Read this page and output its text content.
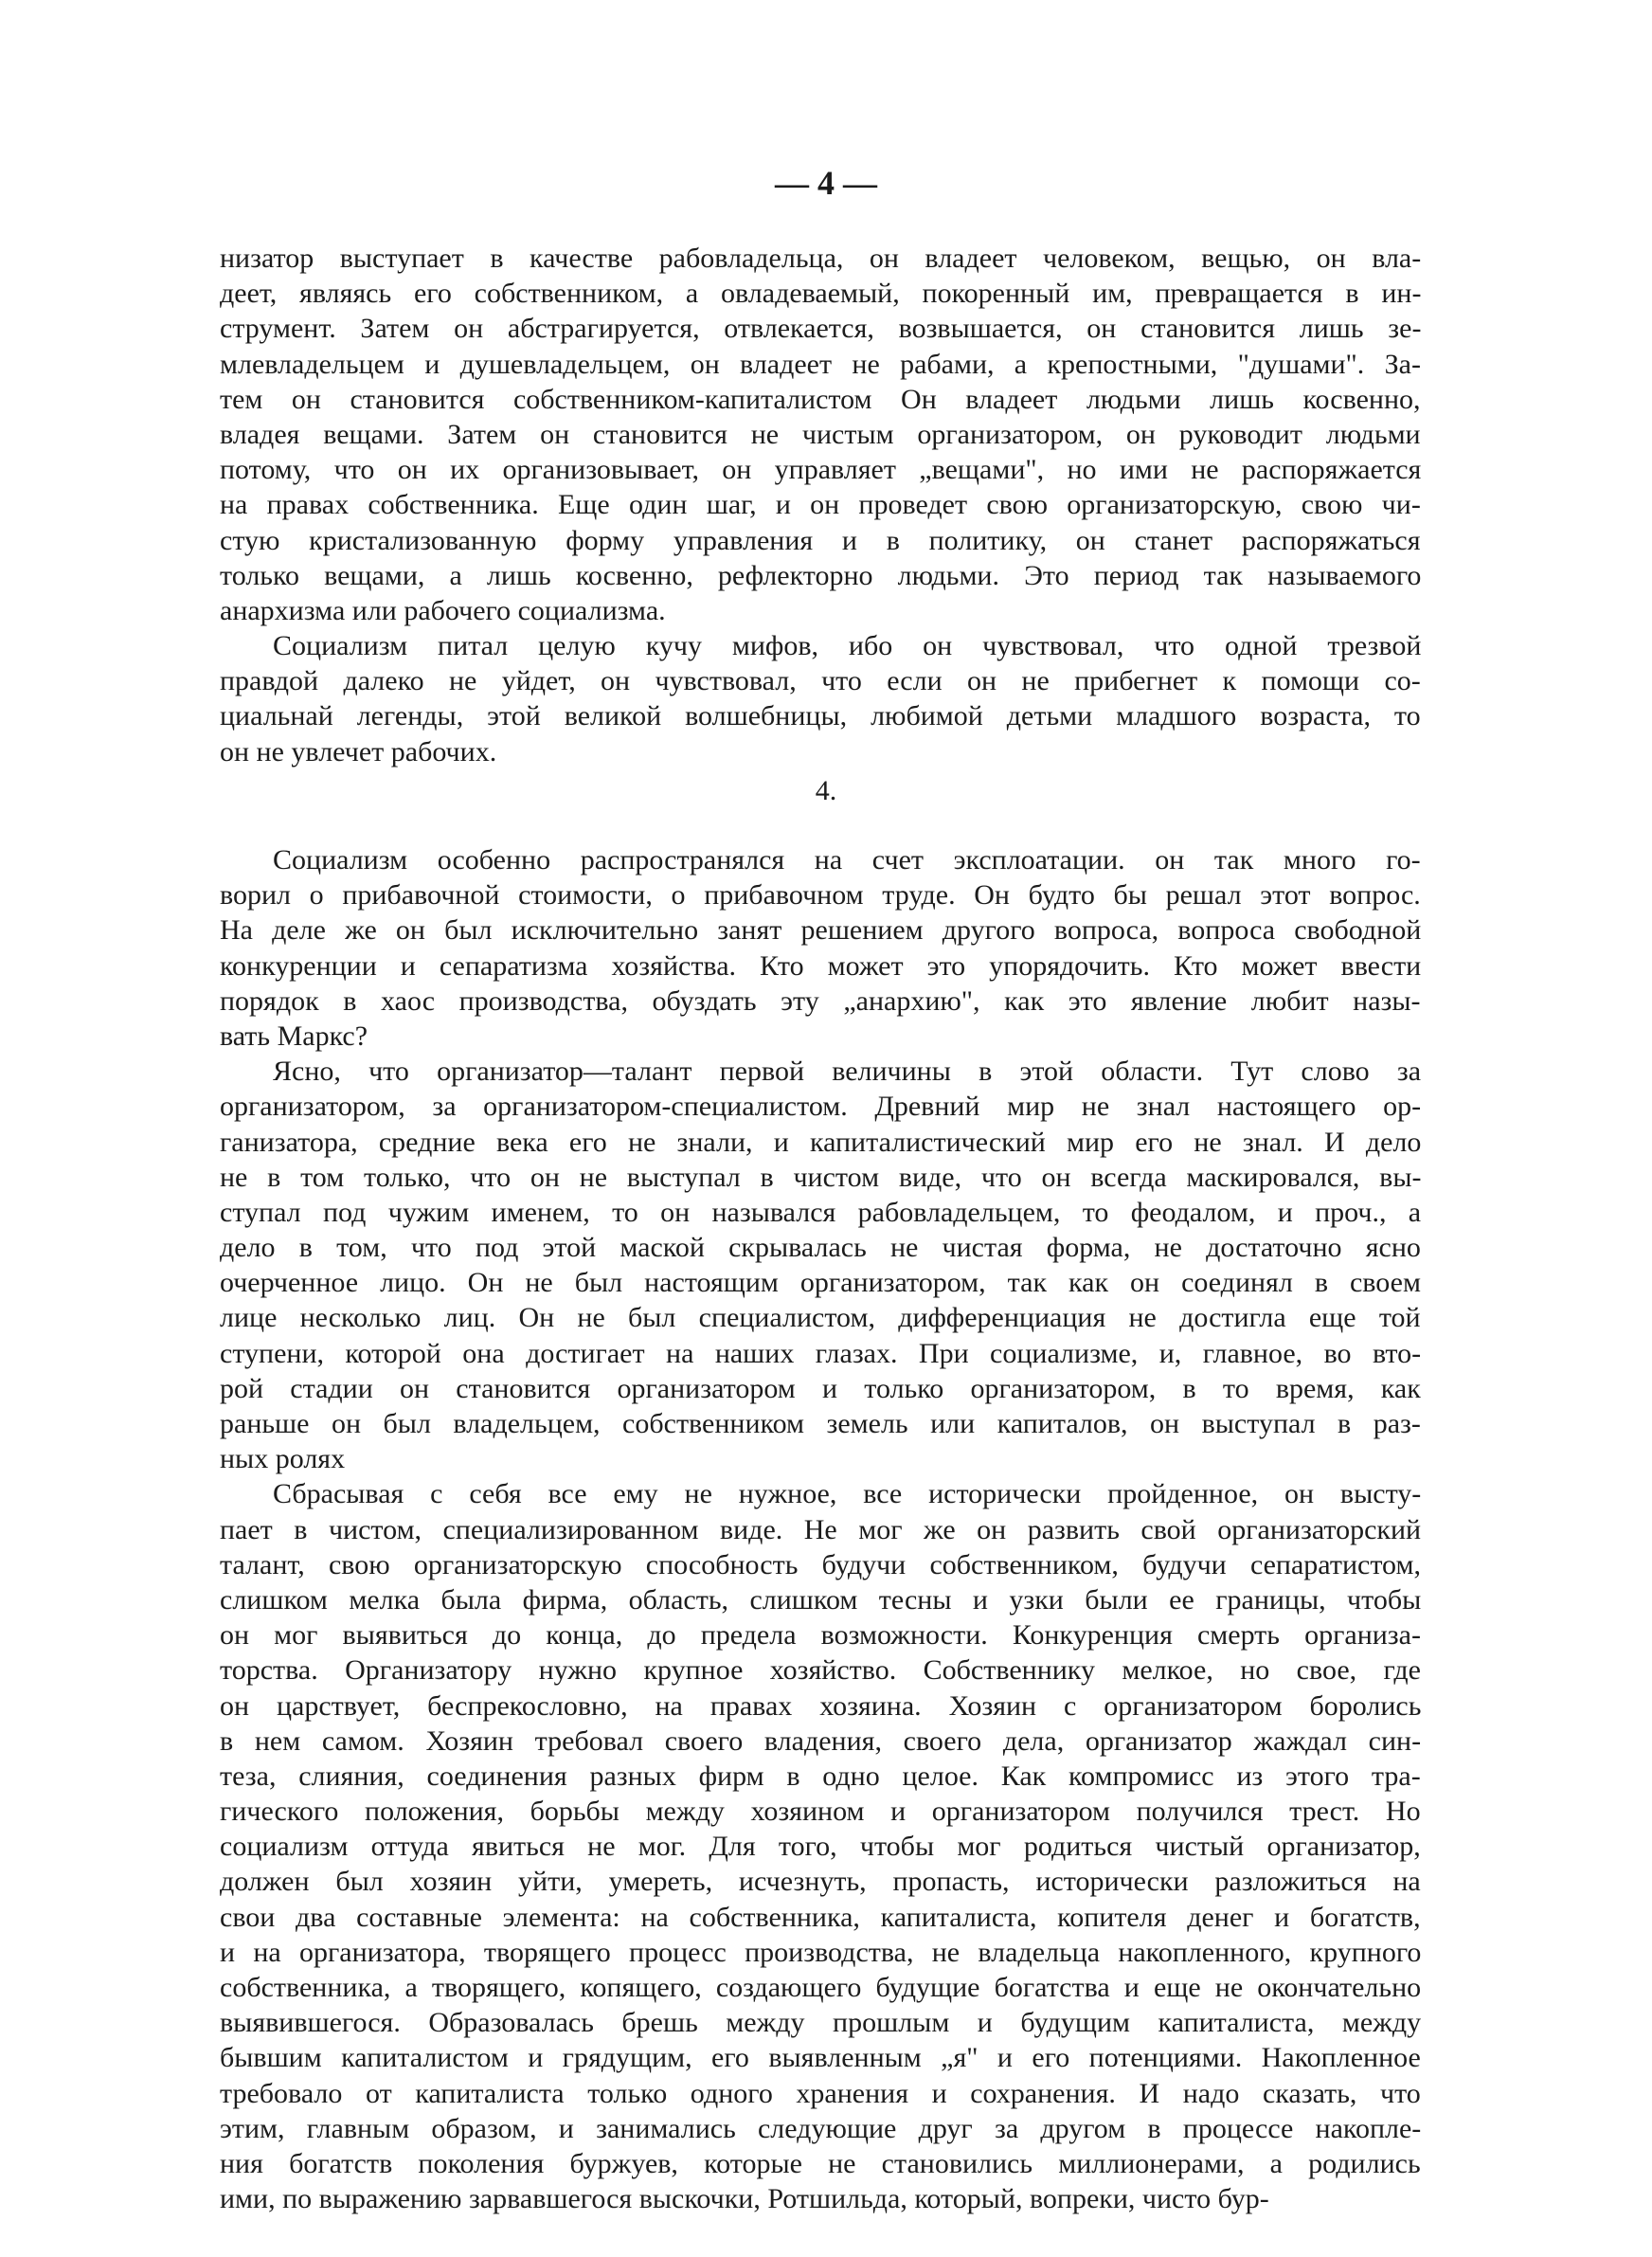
— 4 —
низатор выступает в качестве рабовладельца, он владеет человеком, вещью, он вла-
деет, являясь его собственником, а овладеваемый, покоренный им, превращается в ин-
струмент. Затем он абстрагируется, отвлекается, возвышается, он становится лишь зе-
млевладельцем и душевладельцем, он владеет не рабами, а крепостными, "душами". За-
тем он становится собственником-капиталистом Он владеет людьми лишь косвенно,
владея вещами. Затем он становится не чистым организатором, он руководит людьми
потому, что он их организовывает, он управляет „вещами", но ими не распоряжается
на правах собственника. Еще один шаг, и он проведет свою организаторскую, свою чи-
стую кристализованную форму управления и в политику, он станет распоряжаться
только вещами, а лишь косвенно, рефлекторно людьми. Это период так называемого
анархизма или рабочего социализма.
Социализм питал целую кучу мифов, ибо он чувствовал, что одной трезвой
правдой далеко не уйдет, он чувствовал, что если он не прибегнет к помощи со-
циальнай легенды, этой великой волшебницы, любимой детьми младшого возраста, то
он не увлечет рабочих.
4.
Социализм особенно распространялся на счет эксплоатации. он так много го-
ворил о прибавочной стоимости, о прибавочном труде. Он будто бы решал этот вопрос.
На деле же он был исключительно занят решением другого вопроса, вопроса свободной
конкуренции и сепаратизма хозяйства. Кто может это упорядочить. Кто может ввести
порядок в хаос производства, обуздать эту „анархию", как это явление любит назы-
вать Маркс?
Ясно, что организатор—талант первой величины в этой области. Тут слово за
организатором, за организатором-специалистом. Древний мир не знал настоящего ор-
ганизатора, средние века его не знали, и капиталистический мир его не знал. И дело
не в том только, что он не выступал в чистом виде, что он всегда маскировался, вы-
ступал под чужим именем, то он назывался рабовладельцем, то феодалом, и проч., а
дело в том, что под этой маской скрывалась не чистая форма, не достаточно ясно
очерченное лицо. Он не был настоящим организатором, так как он соединял в своем
лице несколько лиц. Он не был специалистом, дифференциация не достигла еще той
ступени, которой она достигает на наших глазах. При социализме, и, главное, во вто-
рой стадии он становится организатором и только организатором, в то время, как
раньше он был владельцем, собственником земель или капиталов, он выступал в раз-
ных ролях
Сбрасывая с себя все ему не нужное, все исторически пройденное, он высту-
пает в чистом, специализированном виде. Не мог же он развить свой организаторский
талант, свою организаторскую способность будучи собственником, будучи сепаратистом,
слишком мелка была фирма, область, слишком тесны и узки были ее границы, чтобы
он мог выявиться до конца, до предела возможности. Конкуренция смерть организа-
торства. Организатору нужно крупное хозяйство. Собственнику мелкое, но свое, где
он царствует, беспрекословно, на правах хозяина. Хозяин с организатором боролись
в нем самом. Хозяин требовал своего владения, своего дела, организатор жаждал син-
теза, слияния, соединения разных фирм в одно целое. Как компромисс из этого тра-
гического положения, борьбы между хозяином и организатором получился трест. Но
социализм оттуда явиться не мог. Для того, чтобы мог родиться чистый организатор,
должен был хозяин уйти, умереть, исчезнуть, пропасть, исторически разложиться на
свои два составные элемента: на собственника, капиталиста, копителя денег и богатств,
и на организатора, творящего процесс производства, не владельца накопленного, крупного
собственника, а творящего, копящего, создающего будущие богатства и еще не окончательно
выявившегося. Образовалась брешь между прошлым и будущим капиталиста, между
бывшим капиталистом и грядущим, его выявленным „я" и его потенциями. Накопленное
требовало от капиталиста только одного хранения и сохранения. И надо сказать, что
этим, главным образом, и занимались следующие друг за другом в процессе накопле-
ния богатств поколения буржуев, которые не становились миллионерами, а родились
ими, по выражению зарвавшегося выскочки, Ротшильда, который, вопреки, чисто бур-
